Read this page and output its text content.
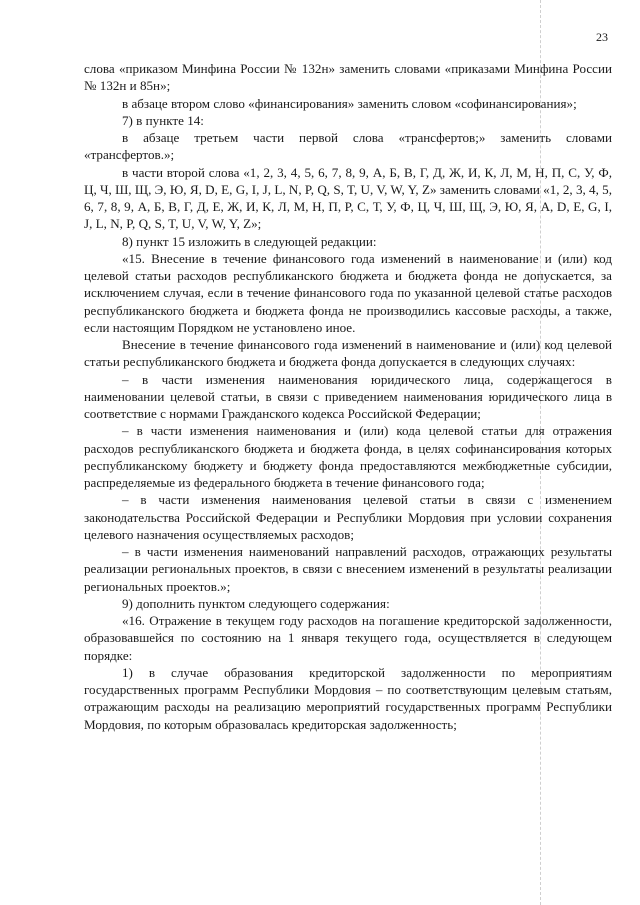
23

слова «приказом Минфина России № 132н» заменить словами «приказами Минфина России № 132н и 85н»;

в абзаце втором слово «финансирования» заменить словом «софинансирования»;

7) в пункте 14:

в абзаце третьем части первой слова «трансфертов;» заменить словами «трансфертов.»;

в части второй слова «1, 2, 3, 4, 5, 6, 7, 8, 9, А, Б, В, Г, Д, Ж, И, К, Л, М, Н, П, С, У, Ф, Ц, Ч, Ш, Щ, Э, Ю, Я, D, E, G, I, J, L, N, P, Q, S, T, U, V, W, Y, Z» заменить словами «1, 2, 3, 4, 5, 6, 7, 8, 9, А, Б, В, Г, Д, Е, Ж, И, К, Л, М, Н, П, Р, С, Т, У, Ф, Ц, Ч, Ш, Щ, Э, Ю, Я, A, D, E, G, I, J, L, N, P, Q, S, T, U, V, W, Y, Z»;

8) пункт 15 изложить в следующей редакции:

«15. Внесение в течение финансового года изменений в наименование и (или) код целевой статьи расходов республиканского бюджета и бюджета фонда не допускается, за исключением случая, если в течение финансового года по указанной целевой статье расходов республиканского бюджета и бюджета фонда не производились кассовые расходы, а также, если настоящим Порядком не установлено иное.

Внесение в течение финансового года изменений в наименование и (или) код целевой статьи республиканского бюджета и бюджета фонда допускается в следующих случаях:

– в части изменения наименования юридического лица, содержащегося в наименовании целевой статьи, в связи с приведением наименования юридического лица в соответствие с нормами Гражданского кодекса Российской Федерации;

– в части изменения наименования и (или) кода целевой статьи для отражения расходов республиканского бюджета и бюджета фонда, в целях софинансирования которых республиканскому бюджету и бюджету фонда предоставляются межбюджетные субсидии, распределяемые из федерального бюджета в течение финансового года;

– в части изменения наименования целевой статьи в связи с изменением законодательства Российской Федерации и Республики Мордовия при условии сохранения целевого назначения осуществляемых расходов;

– в части изменения наименований направлений расходов, отражающих результаты реализации региональных проектов, в связи с внесением изменений в результаты реализации региональных проектов.»;

9) дополнить пунктом следующего содержания:

«16. Отражение в текущем году расходов на погашение кредиторской задолженности, образовавшейся по состоянию на 1 января текущего года, осуществляется в следующем порядке:

1) в случае образования кредиторской задолженности по мероприятиям государственных программ Республики Мордовия – по соответствующим целевым статьям, отражающим расходы на реализацию мероприятий государственных программ Республики Мордовия, по которым образовалась кредиторская задолженность;
